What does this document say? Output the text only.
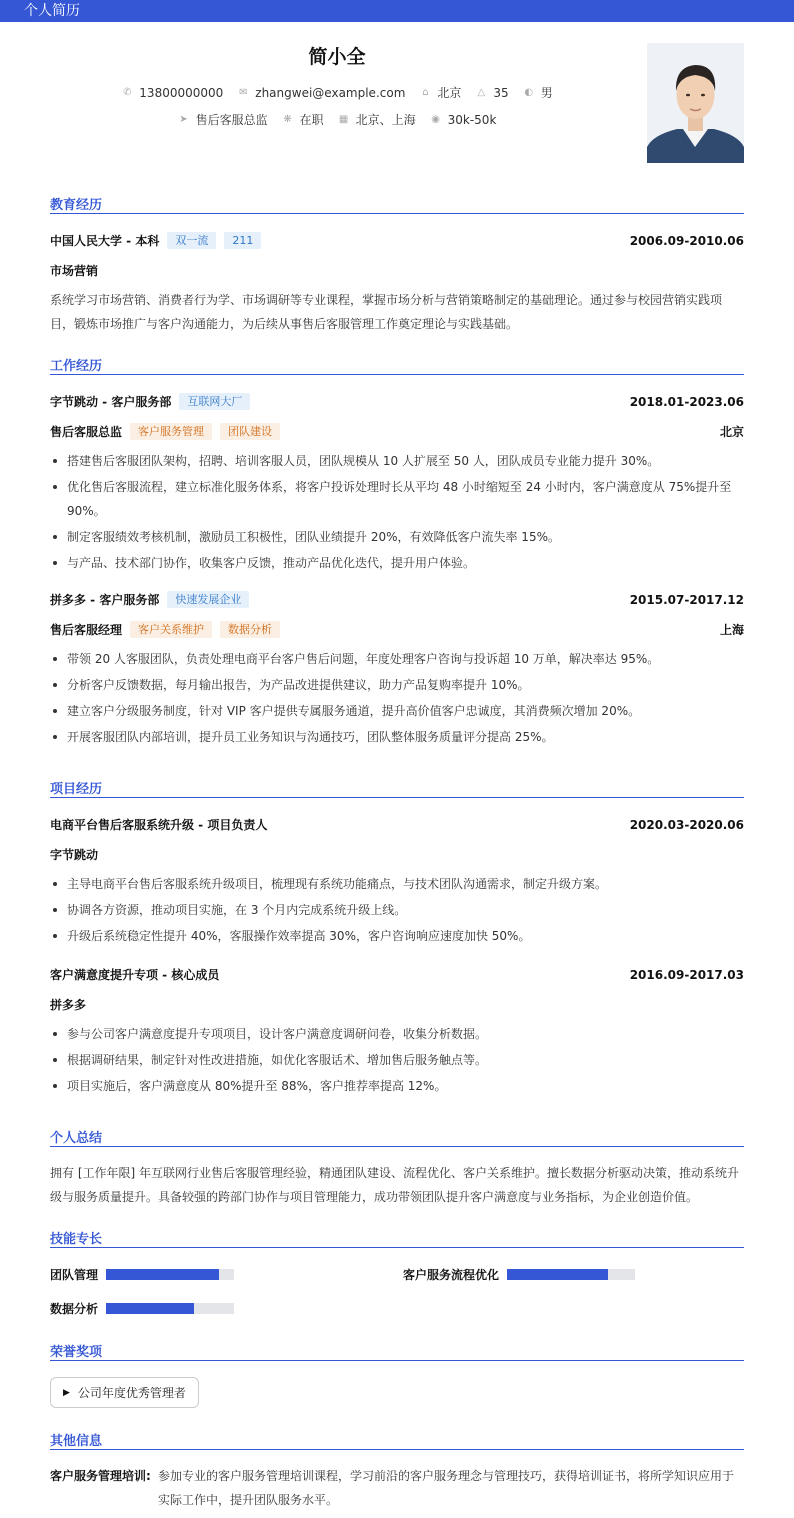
个人简历
简小全
✆ 13800000000 ✉ zhangwei@example.com ⌂ 北京 △ 35 ◐ 男
➤ 售后客服总监 ❋ 在职 ▦ 北京、上海 ◉ 30k-50k
教育经历
中国人民大学 - 本科	双一流	211	2006.09-2010.06
市场营销
系统学习市场营销、消费者行为学、市场调研等专业课程，掌握市场分析与营销策略制定的基础理论。通过参与校园营销实践项目，锻炼市场推广与客户沟通能力，为后续从事售后客服管理工作奠定理论与实践基础。
工作经历
字节跳动 - 客户服务部	互联网大厂	2018.01-2023.06
售后客服总监	客户服务管理	团队建设	北京
搭建售后客服团队架构，招聘、培训客服人员，团队规模从 10 人扩展至 50 人，团队成员专业能力提升 30%。
优化售后客服流程，建立标准化服务体系，将客户投诉处理时长从平均 48 小时缩短至 24 小时内，客户满意度从 75%提升至 90%。
制定客服绩效考核机制，激励员工积极性，团队业绩提升 20%，有效降低客户流失率 15%。
与产品、技术部门协作，收集客户反馈，推动产品优化迭代，提升用户体验。
拼多多 - 客户服务部	快速发展企业	2015.07-2017.12
售后客服经理	客户关系维护	数据分析	上海
带领 20 人客服团队，负责处理电商平台客户售后问题，年度处理客户咨询与投诉超 10 万单，解决率达 95%。
分析客户反馈数据，每月输出报告，为产品改进提供建议，助力产品复购率提升 10%。
建立客户分级服务制度，针对 VIP 客户提供专属服务通道，提升高价值客户忠诚度，其消费频次增加 20%。
开展客服团队内部培训，提升员工业务知识与沟通技巧，团队整体服务质量评分提高 25%。
项目经历
电商平台售后客服系统升级 - 项目负责人	2020.03-2020.06
字节跳动
主导电商平台售后客服系统升级项目，梳理现有系统功能痛点，与技术团队沟通需求，制定升级方案。
协调各方资源，推动项目实施，在 3 个月内完成系统升级上线。
升级后系统稳定性提升 40%，客服操作效率提高 30%，客户咨询响应速度加快 50%。
客户满意度提升专项 - 核心成员	2016.09-2017.03
拼多多
参与公司客户满意度提升专项项目，设计客户满意度调研问卷，收集分析数据。
根据调研结果，制定针对性改进措施，如优化客服话术、增加售后服务触点等。
项目实施后，客户满意度从 80%提升至 88%，客户推荐率提高 12%。
个人总结
拥有 [工作年限] 年互联网行业售后客服管理经验，精通团队建设、流程优化、客户关系维护。擅长数据分析驱动决策，推动系统升级与服务质量提升。具备较强的跨部门协作与项目管理能力，成功带领团队提升客户满意度与业务指标，为企业创造价值。
技能专长
团队管理	客户服务流程优化
数据分析
荣誉奖项
▶ 公司年度优秀管理者
其他信息
客户服务管理培训: 参加专业的客户服务管理培训课程，学习前沿的客户服务理念与管理技巧，获得培训证书，将所学知识应用于实际工作中，提升团队服务水平。
